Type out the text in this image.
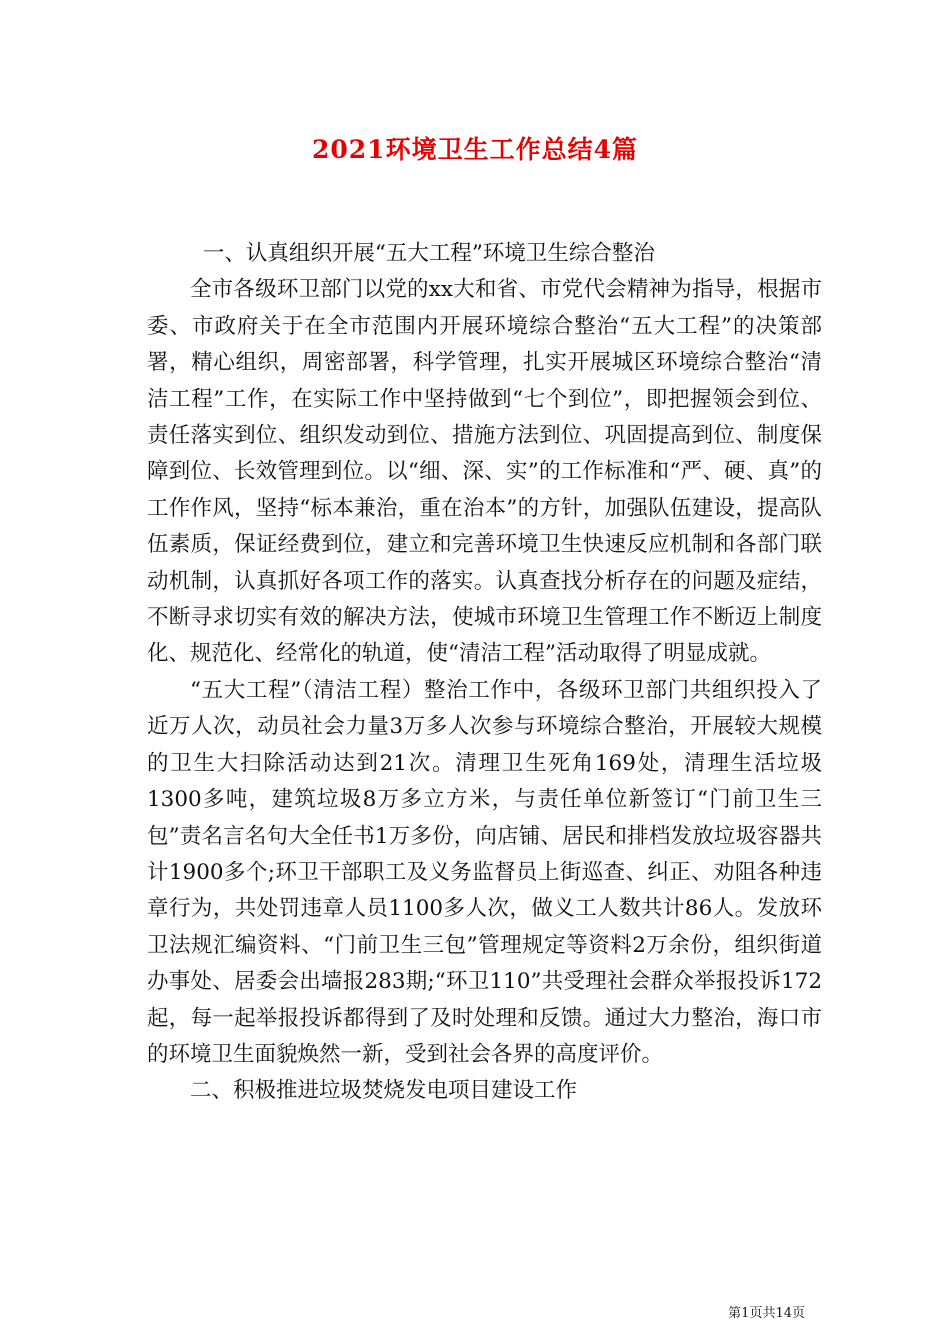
2021环境卫生工作总结4篇

一、认真组织开展“五大工程”环境卫生综合整治

全市各级环卫部门以党的xx大和省、市党代会精神为指导，根据市委、市政府关于在全市范围内开展环境综合整治“五大工程”的决策部署，精心组织，周密部署，科学管理，扎实开展城区环境综合整治“清洁工程”工作，在实际工作中坚持做到“七个到位”，即把握领会到位、责任落实到位、组织发动到位、措施方法到位、巩固提高到位、制度保障到位、长效管理到位。以“细、深、实”的工作标准和“严、硬、真”的工作作风，坚持“标本兼治，重在治本”的方针，加强队伍建设，提高队伍素质，保证经费到位，建立和完善环境卫生快速反应机制和各部门联动机制，认真抓好各项工作的落实。认真查找分析存在的问题及症结，不断寻求切实有效的解决方法，使城市环境卫生管理工作不断迈上制度化、规范化、经常化的轨道，使“清洁工程”活动取得了明显成就。

“五大工程”（清洁工程）整治工作中，各级环卫部门共组织投入了近万人次，动员社会力量3万多人次参与环境综合整治，开展较大规模的卫生大扫除活动达到21次。清理卫生死角169处，清理生活垃圾1300多吨，建筑垃圾8万多立方米，与责任单位新签订“门前卫生三包”责名言名句大全任书1万多份，向店铺、居民和排档发放垃圾容器共计1900多个;环卫干部职工及义务监督员上街巡查、纠正、劝阻各种违章行为，共处罚违章人员1100多人次，做义工人数共计86人。发放环卫法规汇编资料、“门前卫生三包”管理规定等资料2万余份，组织街道办事处、居委会出墙报283期;“环卫110”共受理社会群众举报投诉172起，每一起举报投诉都得到了及时处理和反馈。通过大力整治，海口市的环境卫生面貌焕然一新，受到社会各界的高度评价。

二、积极推进垃圾焚烧发电项目建设工作

第1页共14页
